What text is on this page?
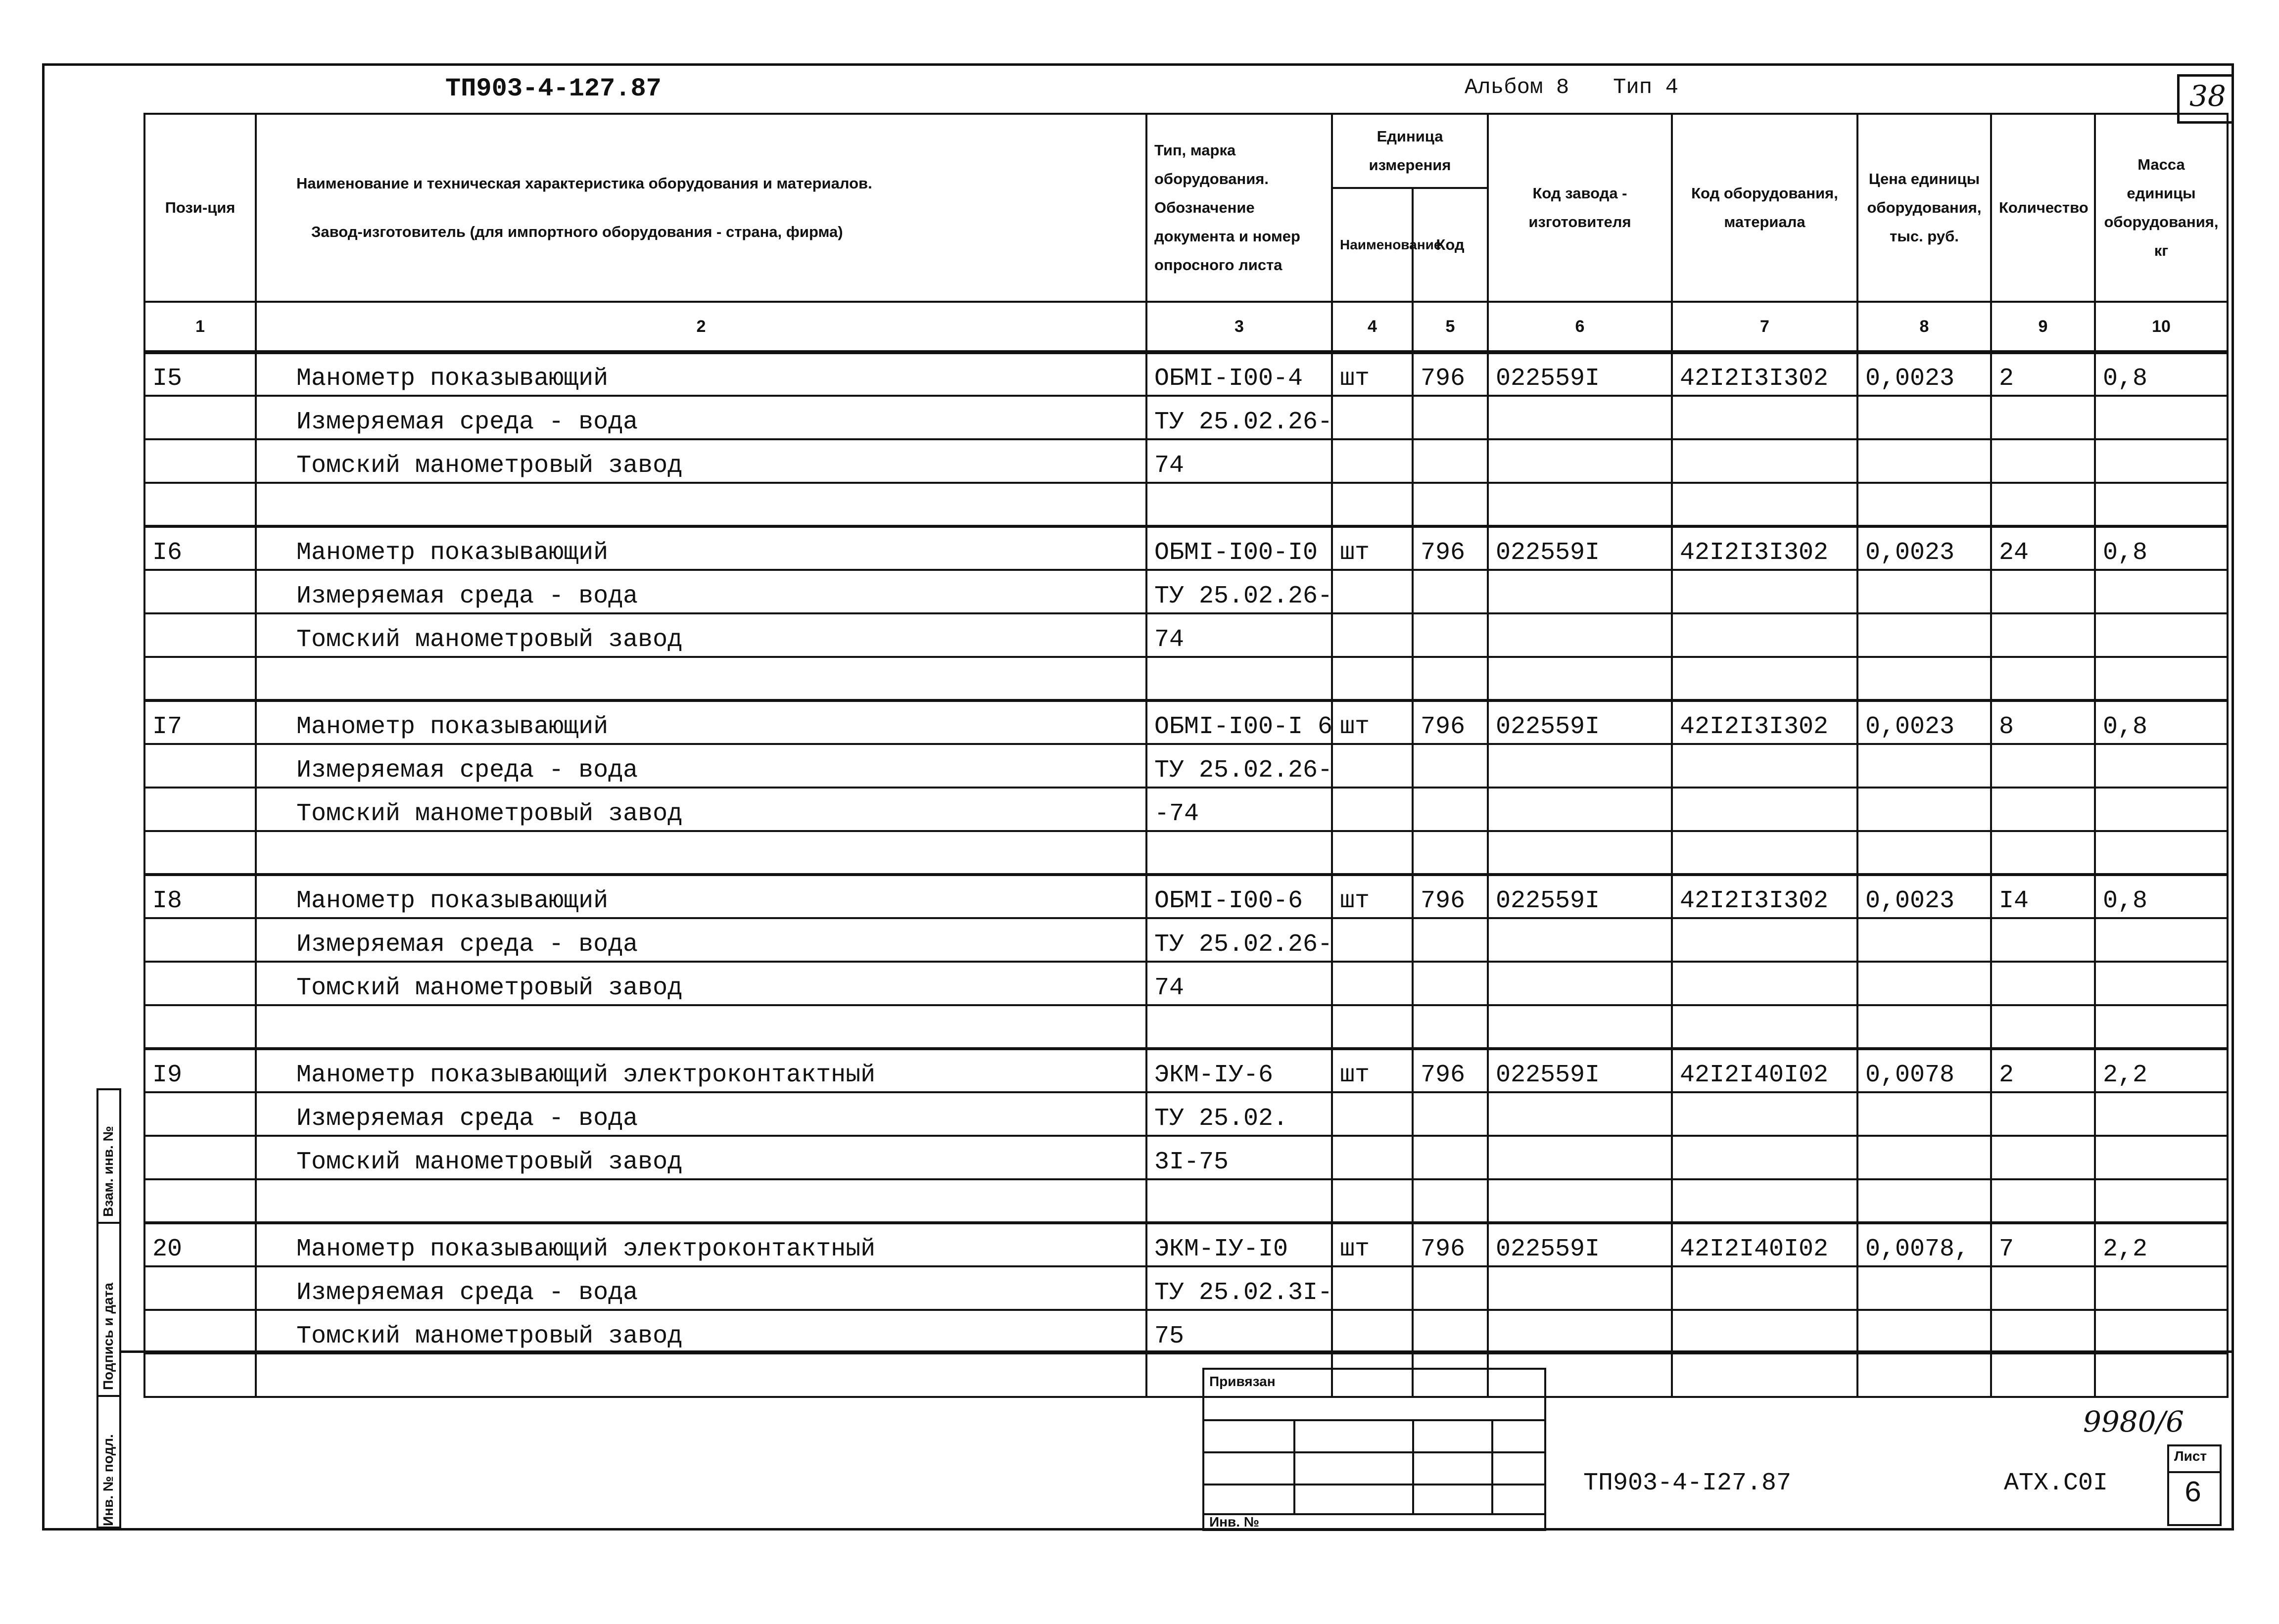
ТП903-4-127.87	Альбом 8 Тип 4	38
Пози-ция	Наименование и техническая характеристика оборудования и материалов.
Завод-изготовитель (для импортного оборудования - страна, фирма)	Тип, марка оборудования. Обозначение документа и номер опросного листа	Единица измерения		Код завода - изготовителя	Код оборудования, материала	Цена единицы оборудования, тыс. руб.	Количество	Масса единицы оборудования, кг
			Наименование	Код					
1	2	3	4	5	6	7	8	9	10
I5	Манометр показывающий	ОБМI-I00-4	шт	796	022559I	42I2I3I302	0,0023	2	0,8
	Измеряемая среда - вода	ТУ 25.02.26-							
	Томский манометровый завод	74							

I6	Манометр показывающий	ОБМI-I00-I0	шт	796	022559I	42I2I3I302	0,0023	24	0,8
	Измеряемая среда - вода	ТУ 25.02.26-							
	Томский манометровый завод	74							

I7	Манометр показывающий	ОБМI-I00-I 6	шт	796	022559I	42I2I3I302	0,0023	8	0,8
	Измеряемая среда - вода	ТУ 25.02.26-							
	Томский манометровый завод	-74							

I8	Манометр показывающий	ОБМI-I00-6	шт	796	022559I	42I2I3I302	0,0023	I4	0,8
	Измеряемая среда - вода	ТУ 25.02.26-							
	Томский манометровый завод	74							

I9	Манометр показывающий электроконтактный	ЭКМ-IУ-6	шт	796	022559I	42I2I40I02	0,0078	2	2,2
	Измеряемая среда - вода	ТУ 25.02.							
	Томский манометровый завод	3I-75							

20	Манометр показывающий электроконтактный	ЭКМ-IУ-I0	шт	796	022559I	42I2I40I02	0,0078,	7	2,2
	Измеряемая среда - вода	ТУ 25.02.3I-							
	Томский манометровый завод	75							

Взам. инв. №
Подпись и дата
Инв. № подл.
Привязан
Инв. №
9980/6
ТП903-4-I27.87	АТХ.С0I
Лист
6
